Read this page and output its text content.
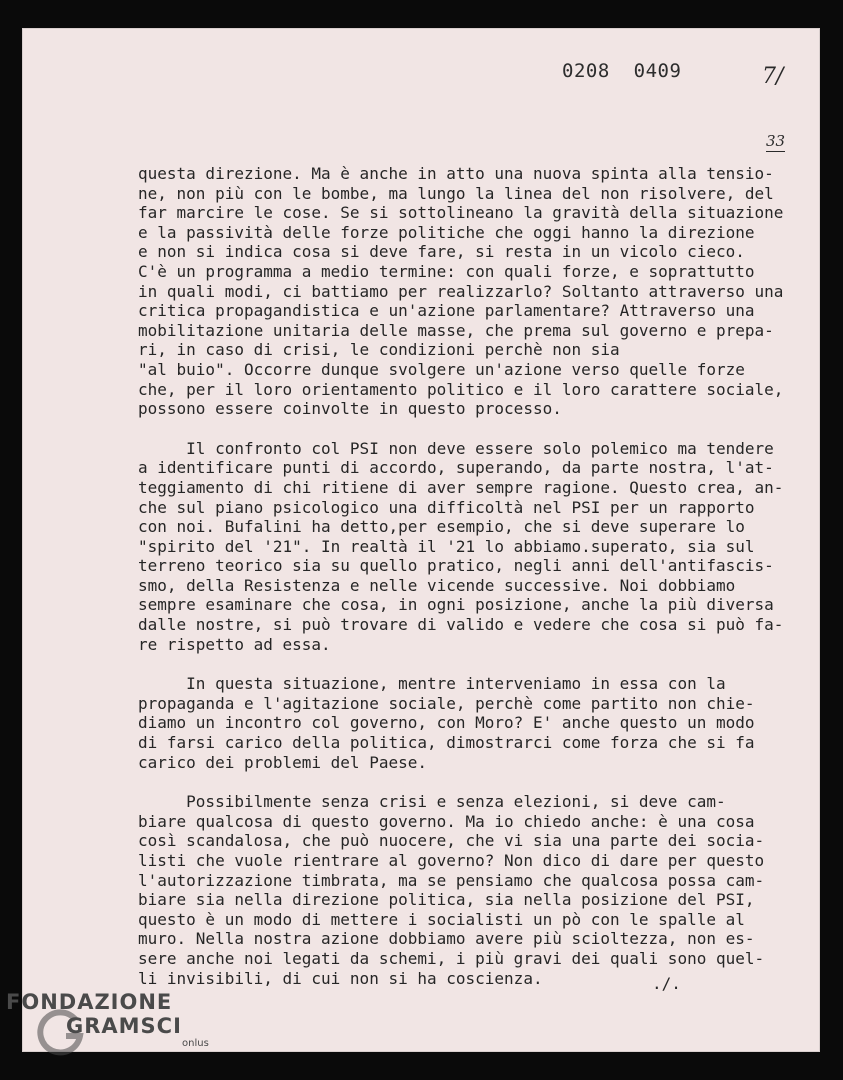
0208  0409	7/
33
questa direzione. Ma è anche in atto una nuova spinta alla tensio-
ne, non più con le bombe, ma lungo la linea del non risolvere, del
far marcire le cose. Se si sottolineano la gravità della situazione
e la passività delle forze politiche che oggi hanno la direzione
e non si indica cosa si deve fare, si resta in un vicolo cieco.
C'è un programma a medio termine: con quali forze, e soprattutto
in quali modi, ci battiamo per realizzarlo? Soltanto attraverso una
critica propagandistica e un'azione parlamentare? Attraverso una
mobilitazione unitaria delle masse, che prema sul governo e prepa-
ri, in caso di crisi, le condizioni perchè non sia
"al buio". Occorre dunque svolgere un'azione verso quelle forze
che, per il loro orientamento politico e il loro carattere sociale,
possono essere coinvolte in questo processo.
Il confronto col PSI non deve essere solo polemico ma tendere
a identificare punti di accordo, superando, da parte nostra, l'at-
teggiamento di chi ritiene di aver sempre ragione. Questo crea, an-
che sul piano psicologico una difficoltà nel PSI per un rapporto
con noi. Bufalini ha detto,per esempio, che si deve superare lo
"spirito del '21". In realtà il '21 lo abbiamo.superato, sia sul
terreno teorico sia su quello pratico, negli anni dell'antifascis-
smo, della Resistenza e nelle vicende successive. Noi dobbiamo
sempre esaminare che cosa, in ogni posizione, anche la più diversa
dalle nostre, si può trovare di valido e vedere che cosa si può fa-
re rispetto ad essa.
In questa situazione, mentre interveniamo in essa con la
propaganda e l'agitazione sociale, perchè come partito non chie-
diamo un incontro col governo, con Moro? E' anche questo un modo
di farsi carico della politica, dimostrarci come forza che si fa
carico dei problemi del Paese.
Possibilmente senza crisi e senza elezioni, si deve cam-
biare qualcosa di questo governo. Ma io chiedo anche: è una cosa
così scandalosa, che può nuocere, che vi sia una parte dei socia-
listi che vuole rientrare al governo? Non dico di dare per questo
l'autorizzazione timbrata, ma se pensiamo che qualcosa possa cam-
biare sia nella direzione politica, sia nella posizione del PSI,
questo è un modo di mettere i socialisti un pò con le spalle al
muro. Nella nostra azione dobbiamo avere più scioltezza, non es-
sere anche noi legati da schemi, i più gravi dei quali sono quel-
li invisibili, di cui non si ha coscienza.	./.
FONDAZIONE
GRAMSCI
onlus
